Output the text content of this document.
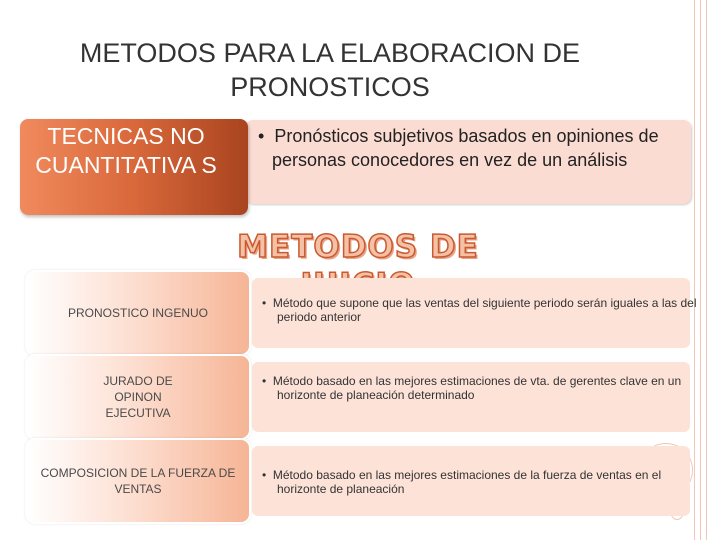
METODOS PARA LA ELABORACION DE
PRONOSTICOS
• Pronósticos subjetivos basados en opiniones de personas conocedores en vez de un análisis
TECNICAS NO CUANTITATIVA S
METODOS DE
PRONOSTICO INGENUO
• Método que supone que las ventas del siguiente periodo serán iguales a las del periodo anterior
JURADO DE OPINON EJECUTIVA
• Método basado en las mejores estimaciones de vta. de gerentes clave en un horizonte de planeación determinado
COMPOSICION DE LA FUERZA DE VENTAS
• Método basado en las mejores estimaciones de la fuerza de ventas en el horizonte de planeación
